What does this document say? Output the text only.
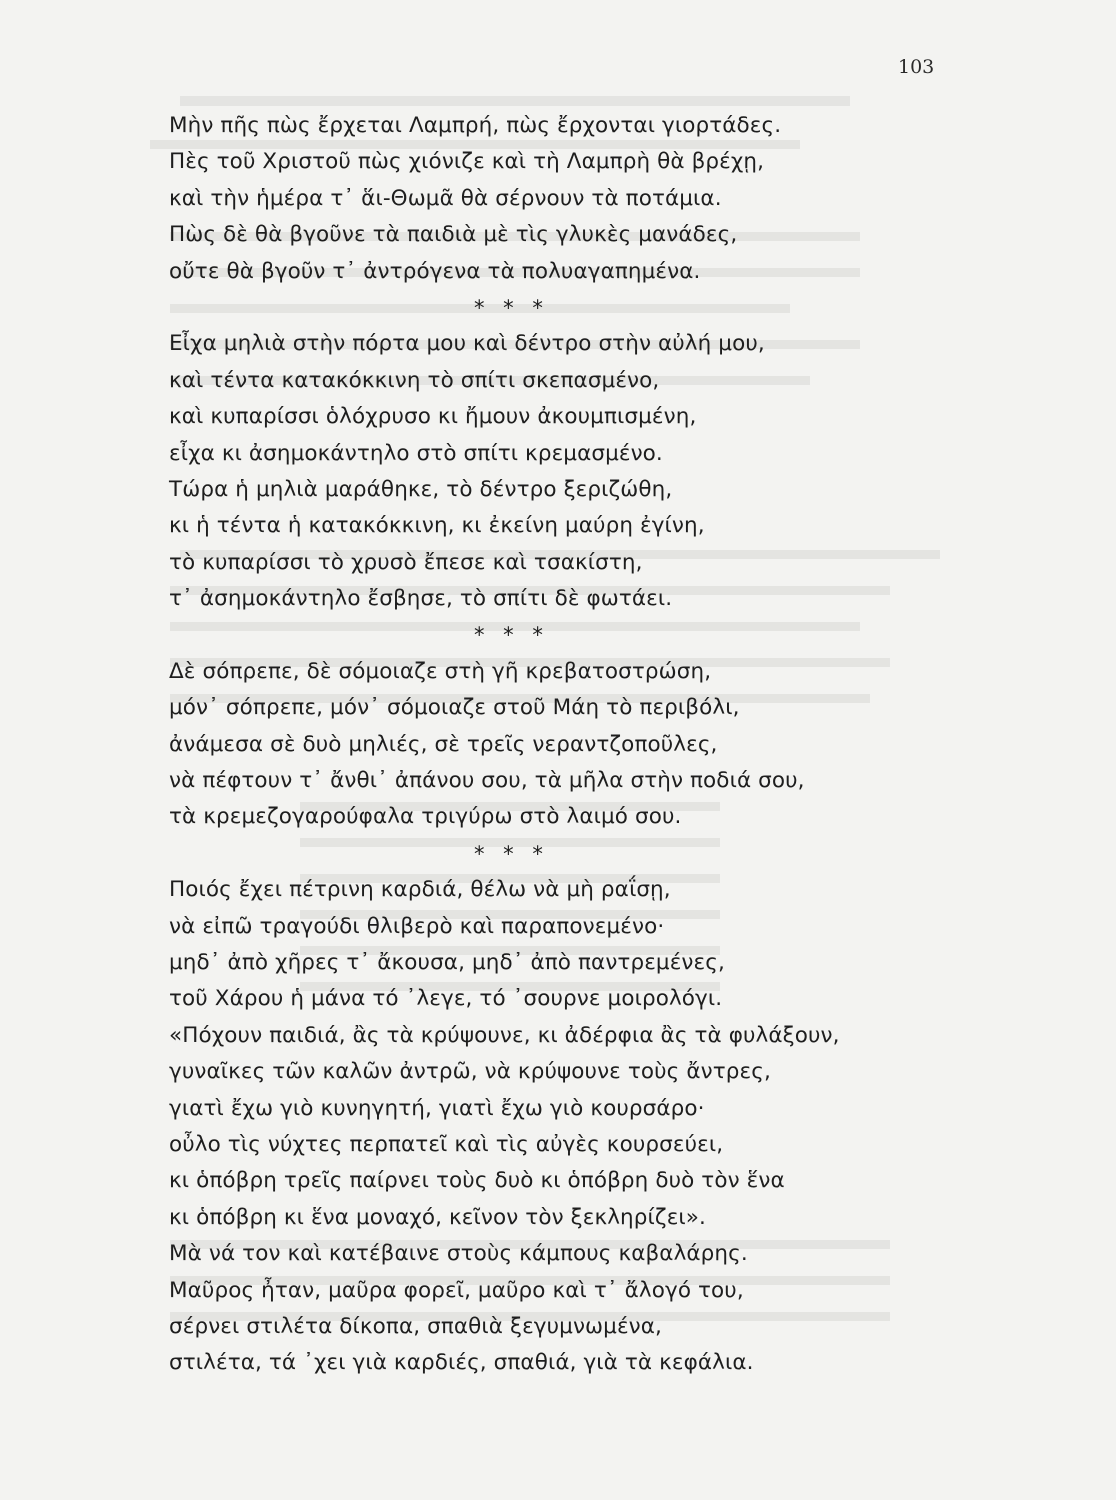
103
Μὴν πῆς πὼς ἔρχεται Λαμπρή, πὼς ἔρχονται γιορτάδες.
Πὲς τοῦ Χριστοῦ πὼς χιόνιζε καὶ τὴ Λαμπρὴ θὰ βρέχῃ,
καὶ τὴν ἡμέρα τ᾽ ἅι-Θωμᾶ θὰ σέρνουν τὰ ποτάμια.
Πὼς δὲ θὰ βγοῦνε τὰ παιδιὰ μὲ τὶς γλυκὲς μανάδες,
οὔτε θὰ βγοῦν τ᾽ ἀντρόγενα τὰ πολυαγαπημένα.
* * *
Εἶχα μηλιὰ στὴν πόρτα μου καὶ δέντρο στὴν αὐλή μου,
καὶ τέντα κατακόκκινη τὸ σπίτι σκεπασμένο,
καὶ κυπαρίσσι ὁλόχρυσο κι ἤμουν ἀκουμπισμένη,
εἶχα κι ἀσημοκάντηλο στὸ σπίτι κρεμασμένο.
Τώρα ἡ μηλιὰ μαράθηκε, τὸ δέντρο ξεριζώθη,
κι ἡ τέντα ἡ κατακόκκινη, κι ἐκείνη μαύρη ἐγίνη,
τὸ κυπαρίσσι τὸ χρυσὸ ἔπεσε καὶ τσακίστη,
τ᾽ ἀσημοκάντηλο ἔσβησε, τὸ σπίτι δὲ φωτάει.
* * *
Δὲ σόπρεπε, δὲ σόμοιαζε στὴ γῆ κρεβατοστρώση,
μόν᾽ σόπρεπε, μόν᾽ σόμοιαζε στοῦ Μάη τὸ περιβόλι,
ἀνάμεσα σὲ δυὸ μηλιές, σὲ τρεῖς νεραντζοποῦλες,
νὰ πέφτουν τ᾽ ἄνθι᾽ ἀπάνου σου, τὰ μῆλα στὴν ποδιά σου,
τὰ κρεμεζογαρούφαλα τριγύρω στὸ λαιμό σου.
* * *
Ποιός ἔχει πέτρινη καρδιά, θέλω νὰ μὴ ραΐσῃ,
νὰ εἰπῶ τραγούδι θλιβερὸ καὶ παραπονεμένο·
μηδ᾽ ἀπὸ χῆρες τ᾽ ἄκουσα, μηδ᾽ ἀπὸ παντρεμένες,
τοῦ Χάρου ἡ μάνα τό ᾽λεγε, τό ᾽σουρνε μοιρολόγι.
«Πόχουν παιδιά, ἂς τὰ κρύψουνε, κι ἀδέρφια ἂς τὰ φυλάξουν,
γυναῖκες τῶν καλῶν ἀντρῶ, νὰ κρύψουνε τοὺς ἄντρες,
γιατὶ ἔχω γιὸ κυνηγητή, γιατὶ ἔχω γιὸ κουρσάρο·
οὖλο τὶς νύχτες περπατεῖ καὶ τὶς αὐγὲς κουρσεύει,
κι ὁπόβρη τρεῖς παίρνει τοὺς δυὸ κι ὁπόβρη δυὸ τὸν ἕνα
κι ὁπόβρη κι ἕνα μοναχό, κεῖνον τὸν ξεκληρίζει».
Μὰ νά τον καὶ κατέβαινε στοὺς κάμπους καβαλάρης.
Μαῦρος ἦταν, μαῦρα φορεῖ, μαῦρο καὶ τ᾽ ἄλογό του,
σέρνει στιλέτα δίκοπα, σπαθιὰ ξεγυμνωμένα,
στιλέτα, τά ᾽χει γιὰ καρδιές, σπαθιά, γιὰ τὰ κεφάλια.
